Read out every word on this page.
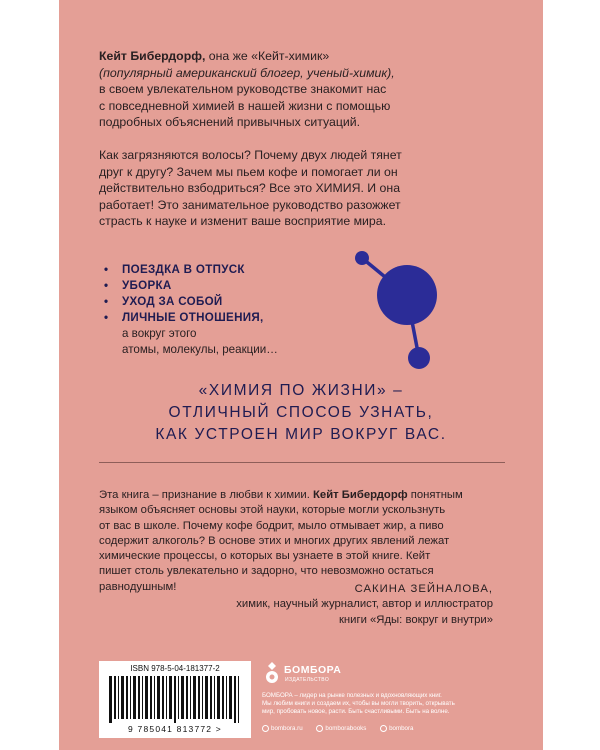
Кейт Бибердорф, она же «Кейт-химик»
(популярный американский блогер, ученый-химик),
в своем увлекательном руководстве знакомит нас
с повседневной химией в нашей жизни с помощью
подробных объяснений привычных ситуаций.
Как загрязняются волосы? Почему двух людей тянет
друг к другу? Зачем мы пьем кофе и помогает ли он
действительно взбодриться? Все это ХИМИЯ. И она
работает! Это занимательное руководство разожжет
страсть к науке и изменит ваше восприятие мира.
• ПОЕЗДКА В ОТПУСК
• УБОРКА
• УХОД ЗА СОБОЙ
• ЛИЧНЫЕ ОТНОШЕНИЯ,
а вокруг этого
атомы, молекулы, реакции…
«ХИМИЯ ПО ЖИЗНИ» –
ОТЛИЧНЫЙ СПОСОБ УЗНАТЬ,
КАК УСТРОЕН МИР ВОКРУГ ВАС.
Эта книга – признание в любви к химии. Кейт Бибердорф понятным
языком объясняет основы этой науки, которые могли ускользнуть
от вас в школе. Почему кофе бодрит, мыло отмывает жир, а пиво
содержит алкоголь? В основе этих и многих других явлений лежат
химические процессы, о которых вы узнаете в этой книге. Кейт
пишет столь увлекательно и задорно, что невозможно остаться
равнодушным!	САКИНА ЗЕЙНАЛОВА,
химик, научный журналист, автор и иллюстратор
книги «Яды: вокруг и внутри»
ISBN 978-5-04-181377-2
9 785041 813772 >
БОМБОРА
ИЗДАТЕЛЬСТВО
БОМБОРА – лидер на рынке полезных и вдохновляющих книг.
Мы любим книги и создаем их, чтобы вы могли творить, открывать
мир, пробовать новое, расти. Быть счастливыми. Быть на волне.
bombora.ru	bomborabooks	bombora
